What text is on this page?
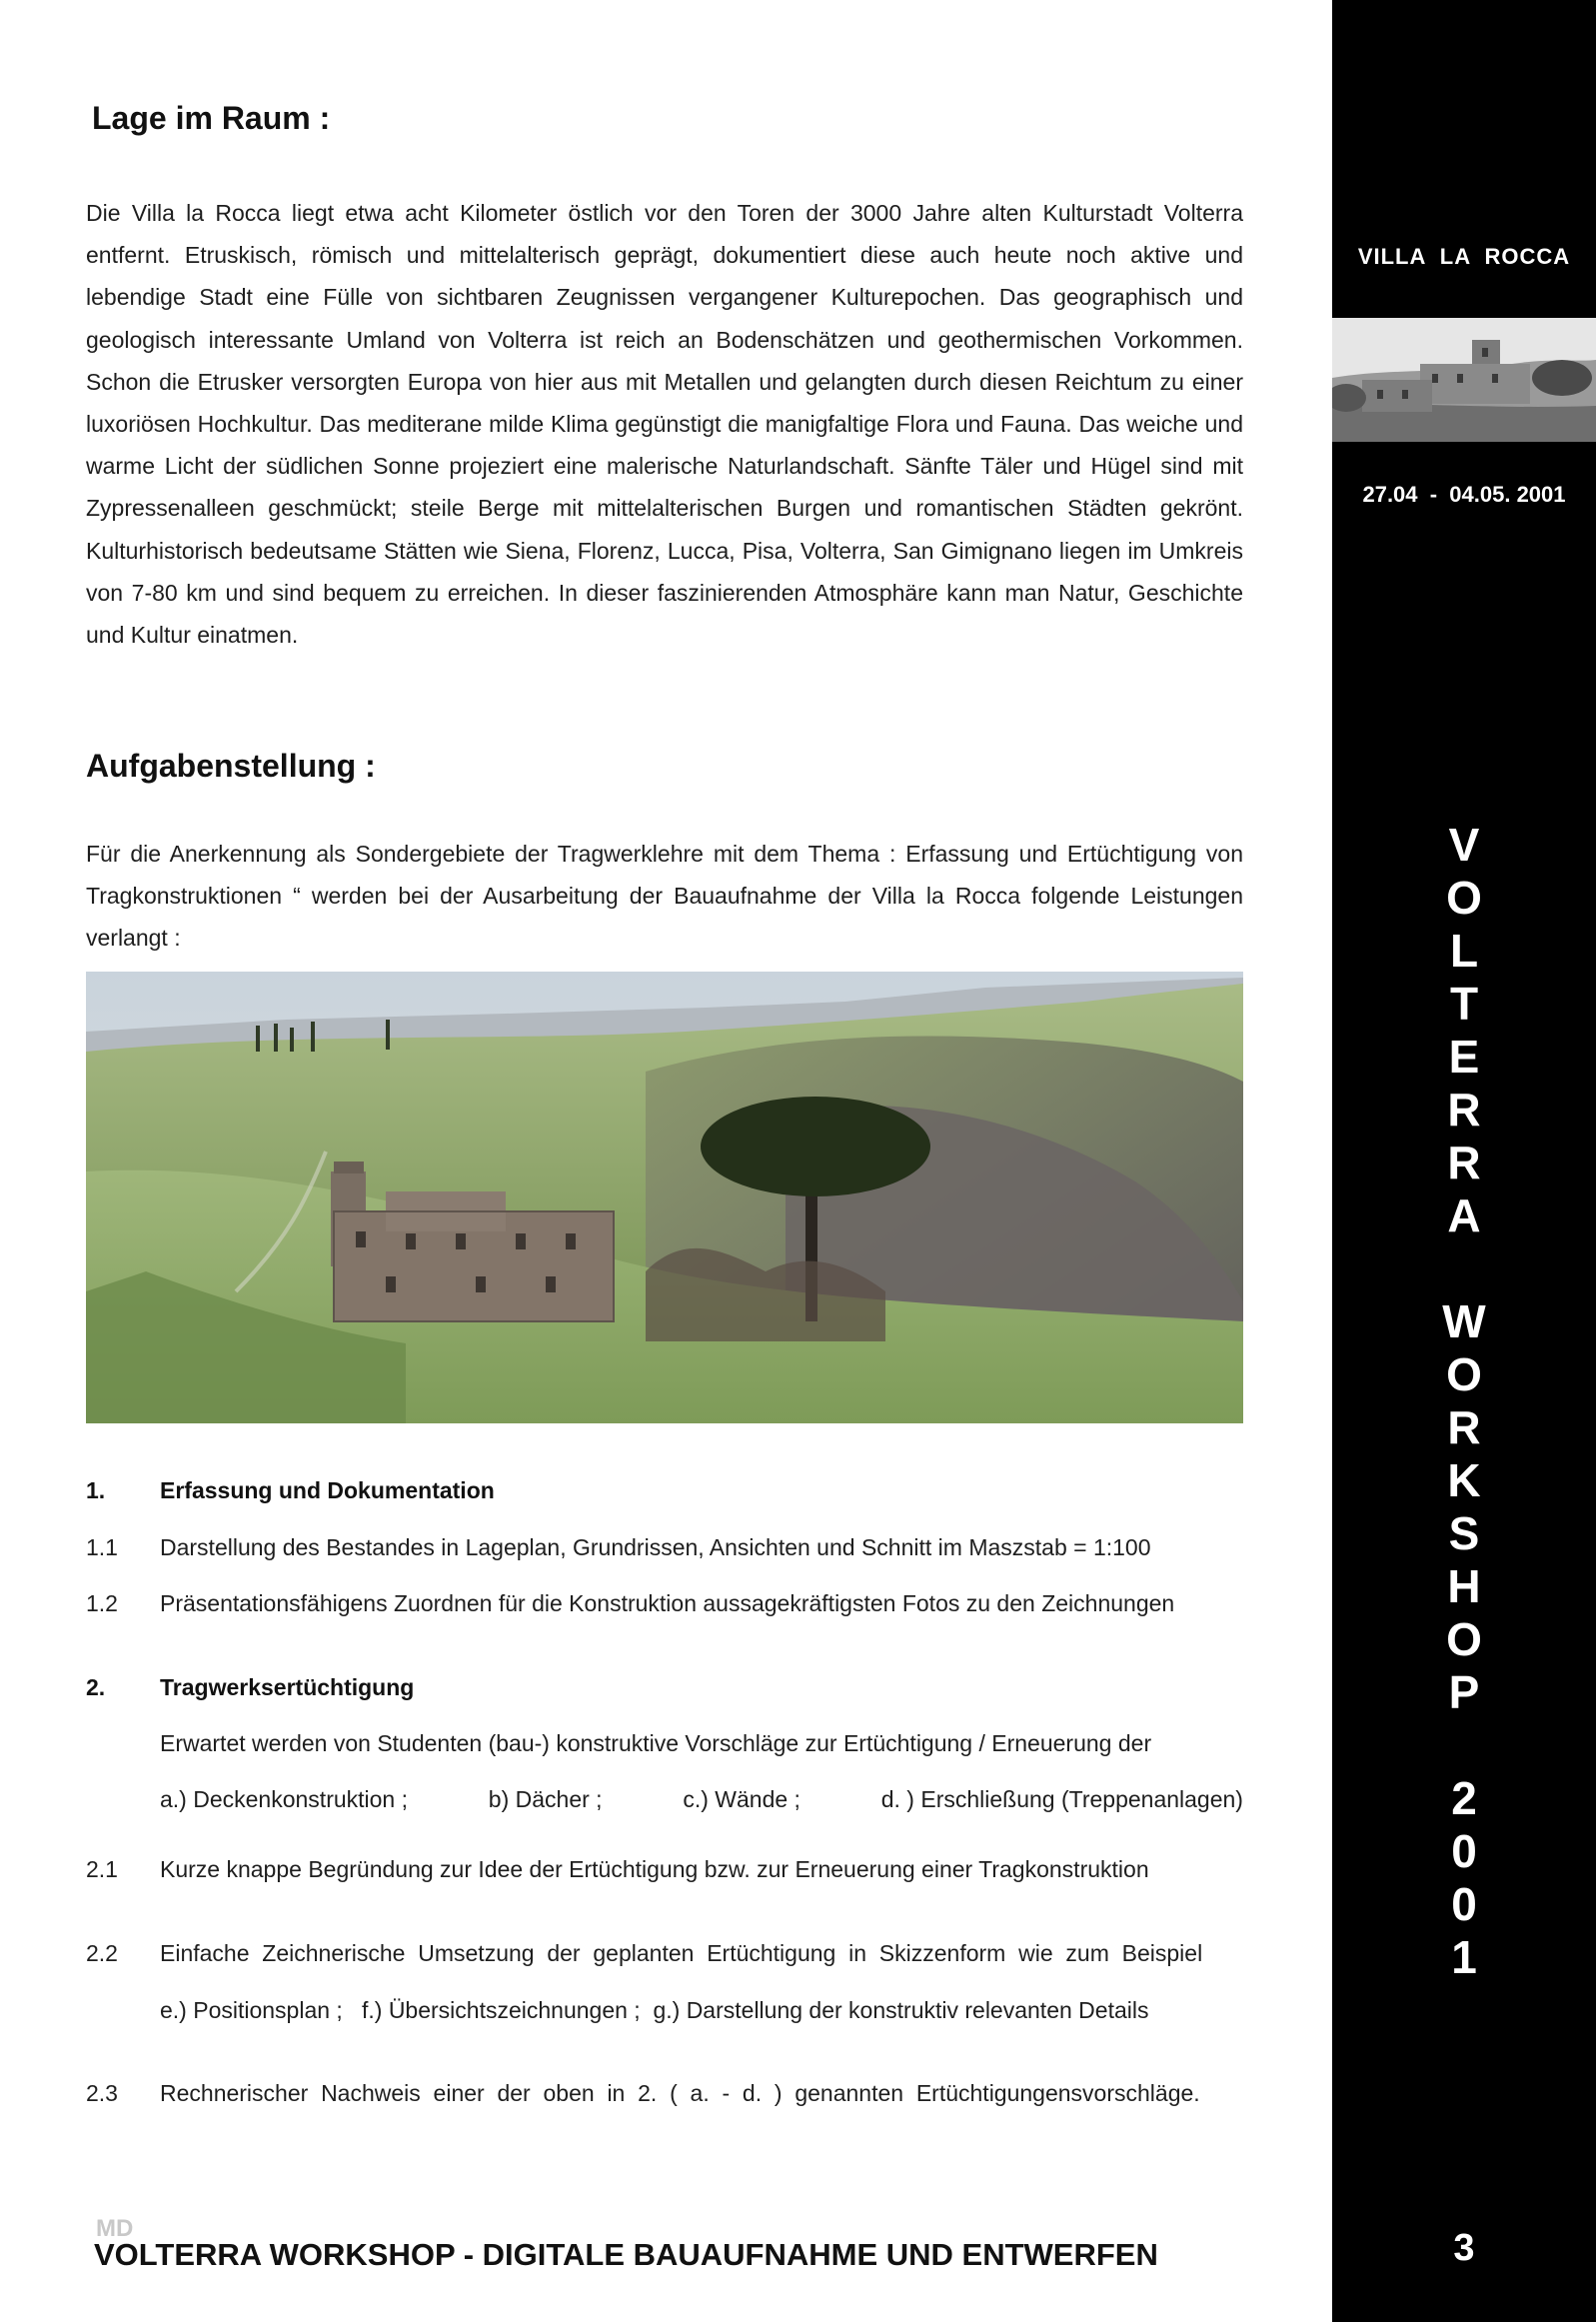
Lage im Raum :

Die Villa la Rocca liegt etwa acht Kilometer östlich vor den Toren der 3000 Jahre alten Kulturstadt Volterra entfernt. Etruskisch, römisch und mittelalterisch geprägt, dokumentiert diese auch heute noch aktive und lebendige Stadt eine Fülle von sichtbaren Zeugnissen vergangener Kulturepochen. Das geographisch und geologisch interessante Umland von Volterra ist reich an Bodenschätzen und geothermischen Vorkommen. Schon die Etrusker versorgten Europa von hier aus mit Metallen und gelangten durch diesen Reichtum zu einer luxoriösen Hochkultur. Das mediterane milde Klima gegünstigt die manigfaltige Flora und Fauna. Das weiche und warme Licht der südlichen Sonne projeziert eine malerische Naturlandschaft. Sänfte Täler und Hügel sind mit Zypressenalleen geschmückt; steile Berge mit mittelalterischen Burgen und romantischen Städten gekrönt. Kulturhistorisch bedeutsame Stätten wie Siena, Florenz, Lucca, Pisa, Volterra, San Gimignano liegen im Umkreis von 7-80 km und sind bequem zu erreichen. In dieser faszinierenden Atmosphäre kann man Natur, Geschichte und Kultur einatmen.

Aufgabenstellung :

Für die Anerkennung als Sondergebiete der Tragwerklehre mit dem Thema : Erfassung und Ertüchtigung von Tragkonstruktionen “ werden bei der Ausarbeitung der Bauaufnahme der Villa la Rocca folgende Leistungen verlangt :

1. Erfassung und Dokumentation
1.1 Darstellung des Bestandes in Lageplan, Grundrissen, Ansichten und Schnitt im Maszstab = 1:100
1.2 Präsentationsfähigens Zuordnen für die Konstruktion aussagekräftigsten Fotos zu den Zeichnungen
2. Tragwerksertüchtigung
Erwartet werden von Studenten (bau-) konstruktive Vorschläge zur Ertüchtigung / Erneuerung der
a.) Deckenkonstruktion ;	b) Dächer ;	c.) Wände ;	d. ) Erschließung (Treppenanlagen)
2.1 Kurze knappe Begründung zur Idee der Ertüchtigung bzw. zur Erneuerung einer Tragkonstruktion
2.2 Einfache  Zeichnerische  Umsetzung  der  geplanten  Ertüchtigung  in  Skizzenform  wie  zum  Beispiel
e.) Positionsplan ;   f.) Übersichtszeichnungen ;  g.) Darstellung der konstruktiv relevanten Details
2.3 Rechnerischer  Nachweis  einer  der  oben  in  2.  (  a.  -  d.  )  genannten  Ertüchtigungensvorschläge.
MD
VOLTERRA WORKSHOP - DIGITALE BAUAUFNAHME UND ENTWERFEN
VILLA  LA  ROCCA
27.04  -  04.05. 2001
V
O
L
T
E
R
R
A
W
O
R
K
S
H
O
P
2
0
0
1
3
